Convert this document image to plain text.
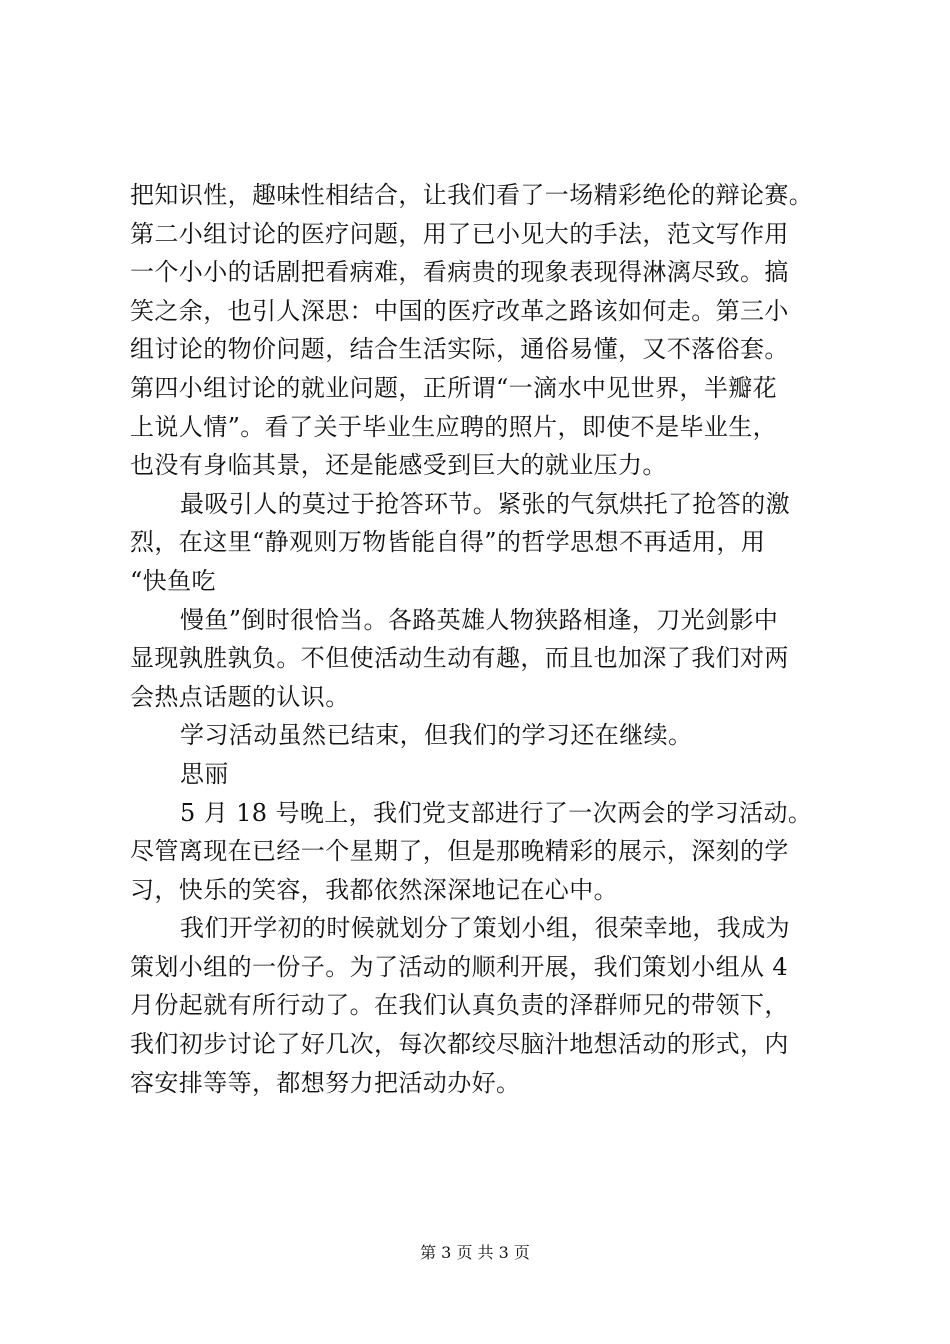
把知识性，趣味性相结合，让我们看了一场精彩绝伦的辩论赛。
第二小组讨论的医疗问题，用了已小见大的手法，范文写作用
一个小小的话剧把看病难，看病贵的现象表现得淋漓尽致。搞
笑之余，也引人深思：中国的医疗改革之路该如何走。第三小
组讨论的物价问题，结合生活实际，通俗易懂，又不落俗套。
第四小组讨论的就业问题，正所谓“一滴水中见世界，半瓣花
上说人情”。看了关于毕业生应聘的照片，即使不是毕业生，
也没有身临其景，还是能感受到巨大的就业压力。
最吸引人的莫过于抢答环节。紧张的气氛烘托了抢答的激
烈，在这里“静观则万物皆能自得”的哲学思想不再适用，用
“快鱼吃
慢鱼”倒时很恰当。各路英雄人物狭路相逢，刀光剑影中
显现孰胜孰负。不但使活动生动有趣，而且也加深了我们对两
会热点话题的认识。
学习活动虽然已结束，但我们的学习还在继续。
思丽
5 月 18 号晚上，我们党支部进行了一次两会的学习活动。
尽管离现在已经一个星期了，但是那晚精彩的展示，深刻的学
习，快乐的笑容，我都依然深深地记在心中。
我们开学初的时候就划分了策划小组，很荣幸地，我成为
策划小组的一份子。为了活动的顺利开展，我们策划小组从 4
月份起就有所行动了。在我们认真负责的泽群师兄的带领下，
我们初步讨论了好几次，每次都绞尽脑汁地想活动的形式，内
容安排等等，都想努力把活动办好。
第 3 页 共 3 页
